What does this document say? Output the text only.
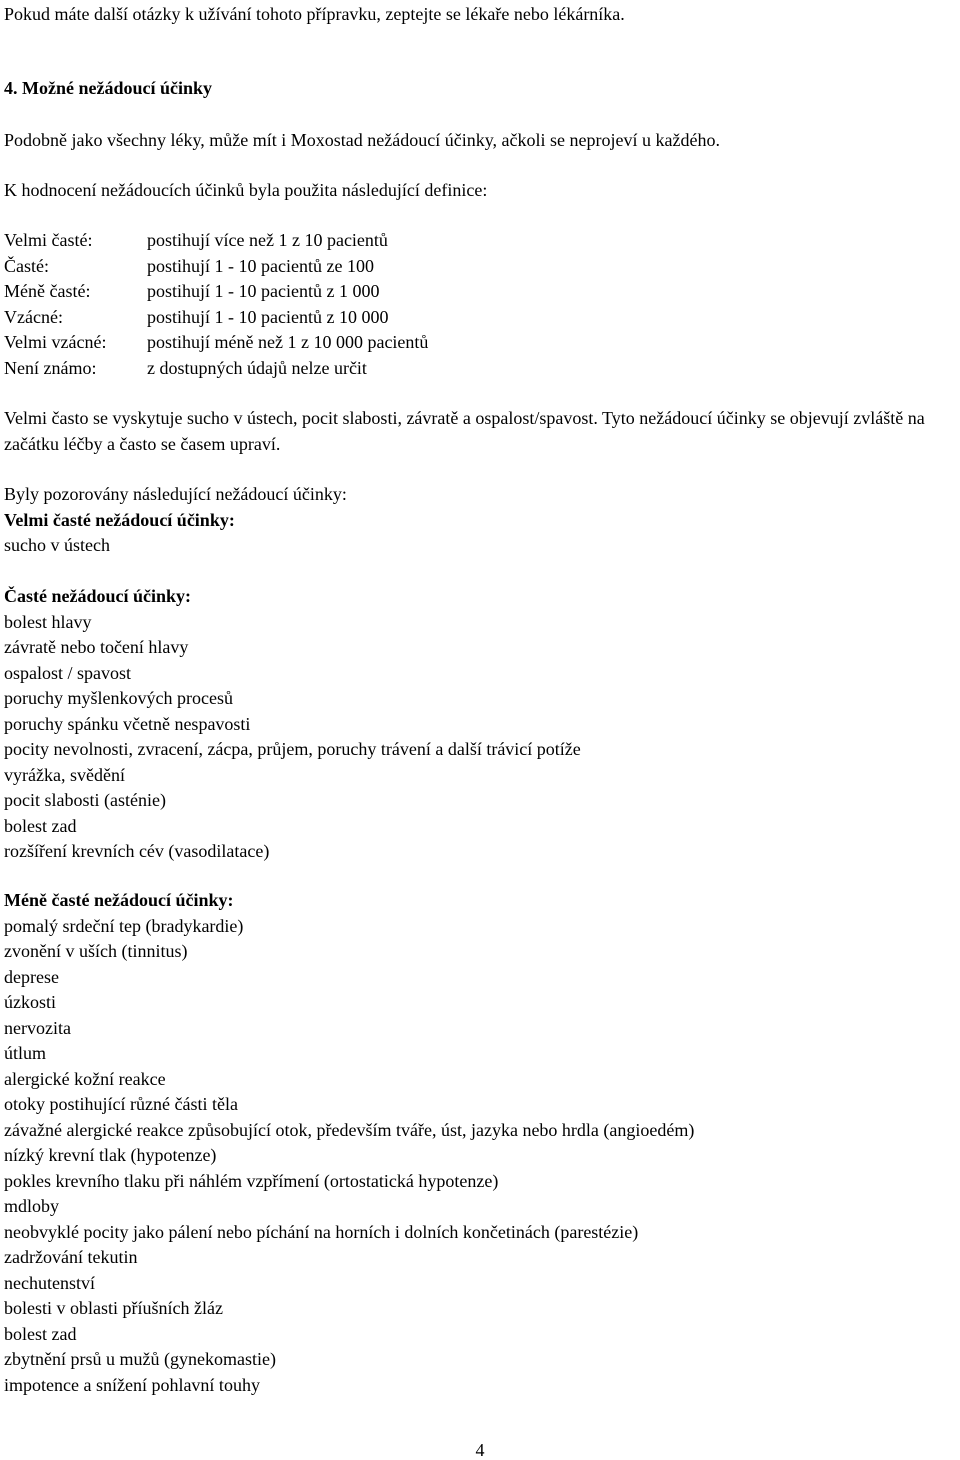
Pokud máte další otázky k užívání tohoto přípravku, zeptejte se lékaře nebo lékárníka.
4. Možné nežádoucí účinky
Podobně jako všechny léky, může mít i Moxostad nežádoucí účinky, ačkoli se neprojeví u každého.
K hodnocení nežádoucích účinků byla použita následující definice:
Velmi časté:	postihují více než 1 z 10 pacientů
Časté:	postihují 1 - 10 pacientů ze 100
Méně časté:	postihují 1 - 10 pacientů z 1 000
Vzácné:	postihují 1 - 10 pacientů z 10 000
Velmi vzácné:	postihují méně než 1 z 10 000 pacientů
Není známo:	z dostupných údajů nelze určit
Velmi často se vyskytuje sucho v ústech, pocit slabosti, závratě a ospalost/spavost. Tyto nežádoucí účinky se objevují zvláště na začátku léčby a často se časem upraví.
Byly pozorovány následující nežádoucí účinky:
Velmi časté nežádoucí účinky:
sucho v ústech
Časté nežádoucí účinky:
bolest hlavy
závratě nebo točení hlavy
ospalost / spavost
poruchy myšlenkových procesů
poruchy spánku včetně nespavosti
pocity nevolnosti, zvracení, zácpa, průjem, poruchy trávení a další trávicí potíže
vyrážka, svědění
pocit slabosti (asténie)
bolest zad
rozšíření krevních cév (vasodilatace)
Méně časté nežádoucí účinky:
pomalý srdeční tep (bradykardie)
zvonění v uších (tinnitus)
deprese
úzkosti
nervozita
útlum
alergické kožní reakce
otoky postihující různé části těla
závažné alergické reakce způsobující otok, především tváře, úst, jazyka nebo hrdla (angioedém)
nízký krevní tlak (hypotenze)
pokles krevního tlaku při náhlém vzpřímení (ortostatická hypotenze)
mdloby
neobvyklé pocity jako pálení nebo píchání na horních i dolních končetinách (parestézie)
zadržování tekutin
nechutenství
bolesti v oblasti příušních žláz
bolest zad
zbytnění prsů u mužů (gynekomastie)
impotence a snížení pohlavní touhy
4
